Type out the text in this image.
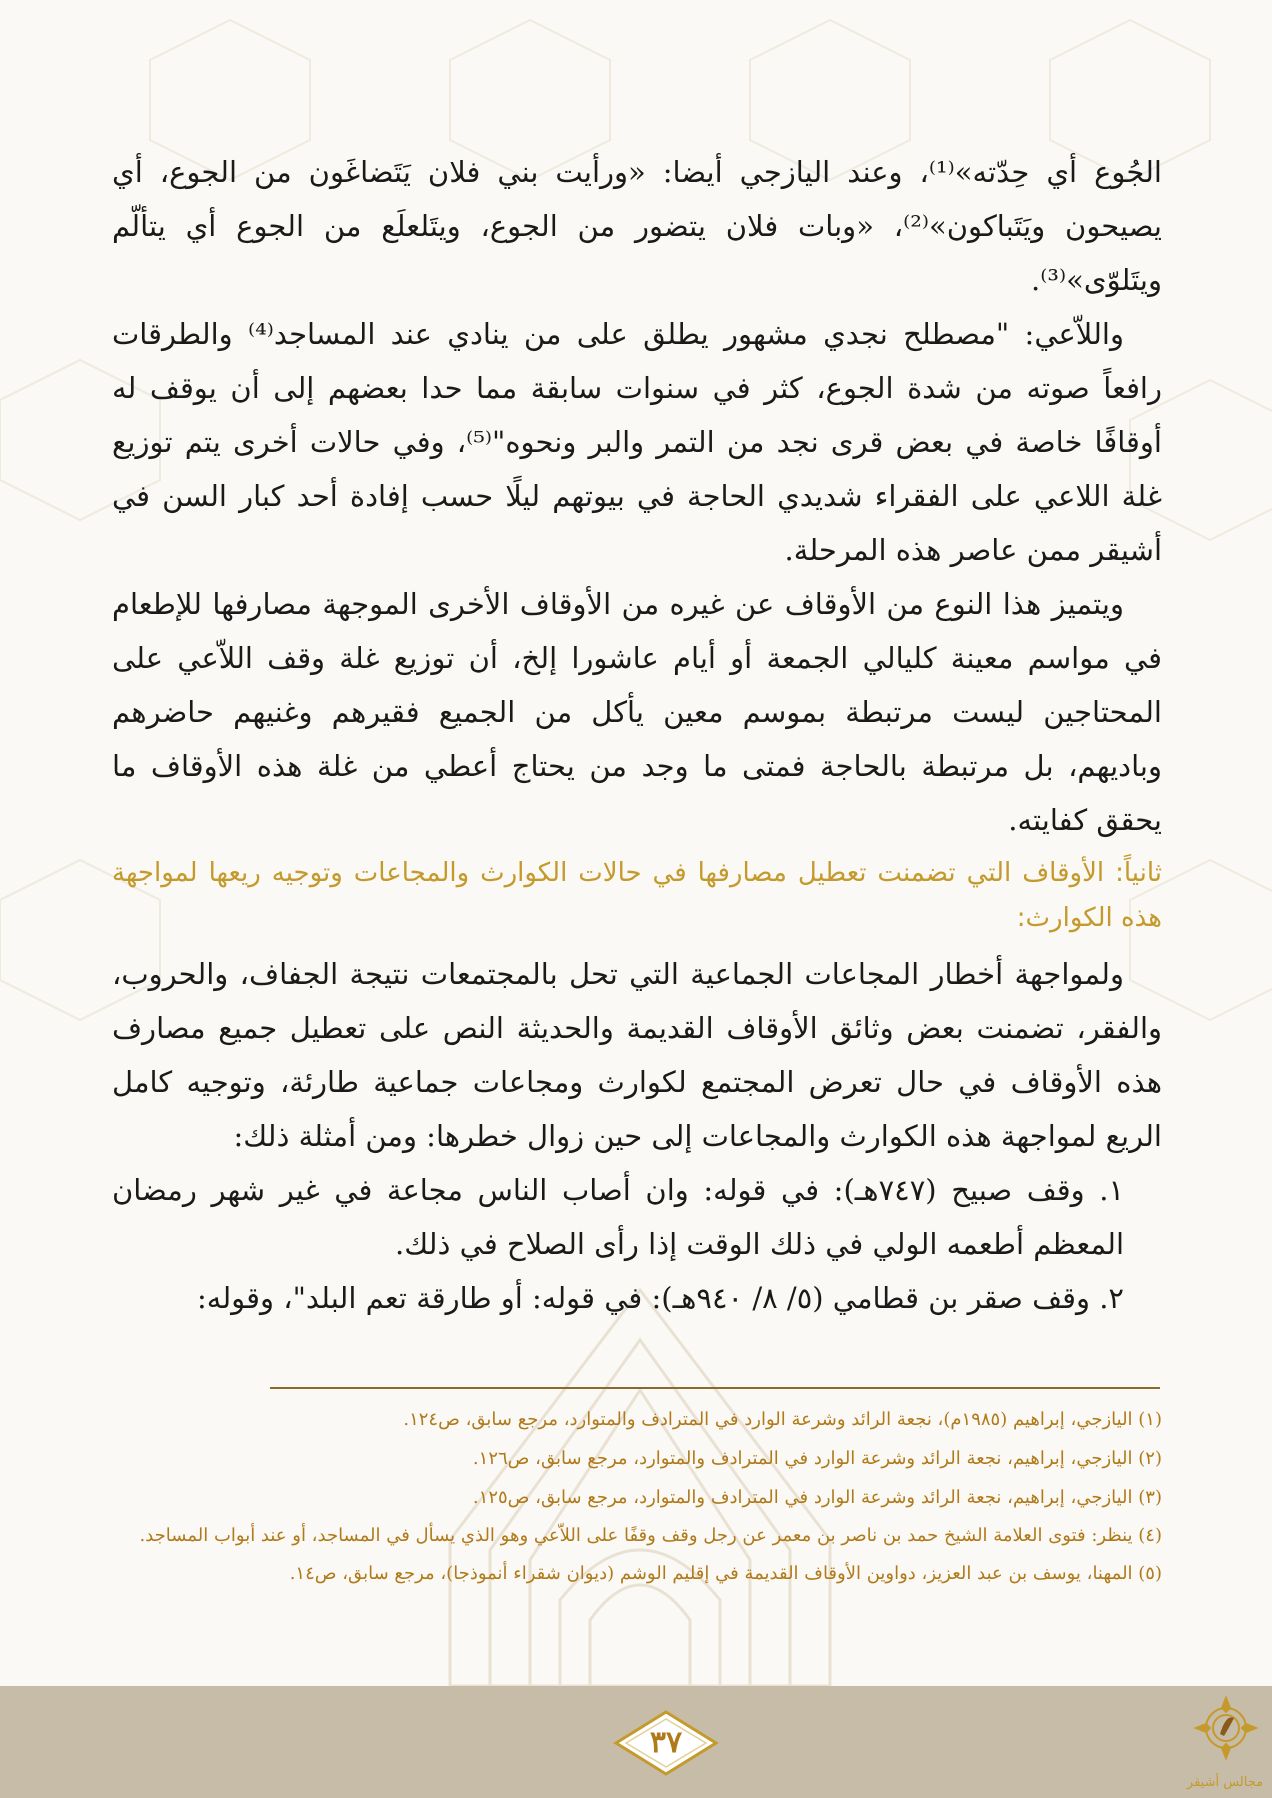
الجُوع أي حِدّته»⁽¹⁾، وعند اليازجي أيضا: «ورأيت بني فلان يَتَضاغَون من الجوع، أي يصيحون ويَتَباكون»⁽²⁾، «وبات فلان يتضور من الجوع، ويتَلعلَع من الجوع أي يتألّم ويتَلوّى»⁽³⁾.

واللاّعي: "مصطلح نجدي مشهور يطلق على من ينادي عند المساجد⁽⁴⁾ والطرقات رافعاً صوته من شدة الجوع، كثر في سنوات سابقة مما حدا بعضهم إلى أن يوقف له أوقافًا خاصة في بعض قرى نجد من التمر والبر ونحوه"⁽⁵⁾، وفي حالات أخرى يتم توزيع غلة اللاعي على الفقراء شديدي الحاجة في بيوتهم ليلًا حسب إفادة أحد كبار السن في أشيقر ممن عاصر هذه المرحلة.

ويتميز هذا النوع من الأوقاف عن غيره من الأوقاف الأخرى الموجهة مصارفها للإطعام في مواسم معينة كليالي الجمعة أو أيام عاشورا إلخ، أن توزيع غلة وقف اللاّعي على المحتاجين ليست مرتبطة بموسم معين يأكل من الجميع فقيرهم وغنيهم حاضرهم وباديهم، بل مرتبطة بالحاجة فمتى ما وجد من يحتاج أعطي من غلة هذه الأوقاف ما يحقق كفايته.

ثانياً: الأوقاف التي تضمنت تعطيل مصارفها في حالات الكوارث والمجاعات وتوجيه ريعها لمواجهة هذه الكوارث:

ولمواجهة أخطار المجاعات الجماعية التي تحل بالمجتمعات نتيجة الجفاف، والحروب، والفقر، تضمنت بعض وثائق الأوقاف القديمة والحديثة النص على تعطيل جميع مصارف هذه الأوقاف في حال تعرض المجتمع لكوارث ومجاعات جماعية طارئة، وتوجيه كامل الريع لمواجهة هذه الكوارث والمجاعات إلى حين زوال خطرها: ومن أمثلة ذلك:

١. وقف صبيح (٧٤٧هـ): في قوله: وان أصاب الناس مجاعة في غير شهر رمضان المعظم أطعمه الولي في ذلك الوقت إذا رأى الصلاح في ذلك.

٢. وقف صقر بن قطامي (٥/ ٨/ ٩٤٠هـ): في قوله: أو طارقة تعم البلد"، وقوله:

(١) اليازجي، إبراهيم (١٩٨٥م)، نجعة الرائد وشرعة الوارد في المترادف والمتوارد، مرجع سابق، ص١٢٤.

(٢) اليازجي، إبراهيم، نجعة الرائد وشرعة الوارد في المترادف والمتوارد، مرجع سابق، ص١٢٦.

(٣) اليازجي، إبراهيم، نجعة الرائد وشرعة الوارد في المترادف والمتوارد، مرجع سابق، ص١٢٥.

(٤) ينظر: فتوى العلامة الشيخ حمد بن ناصر بن معمر عن رجل وقف وقفًا على اللاّعي وهو الذي يسأل في المساجد، أو عند أبواب المساجد.

(٥) المهنا، يوسف بن عبد العزيز، دواوين الأوقاف القديمة في إقليم الوشم (ديوان شقراء أنموذجا)، مرجع سابق، ص١٤.

٣٧
مجالس أشيقر
